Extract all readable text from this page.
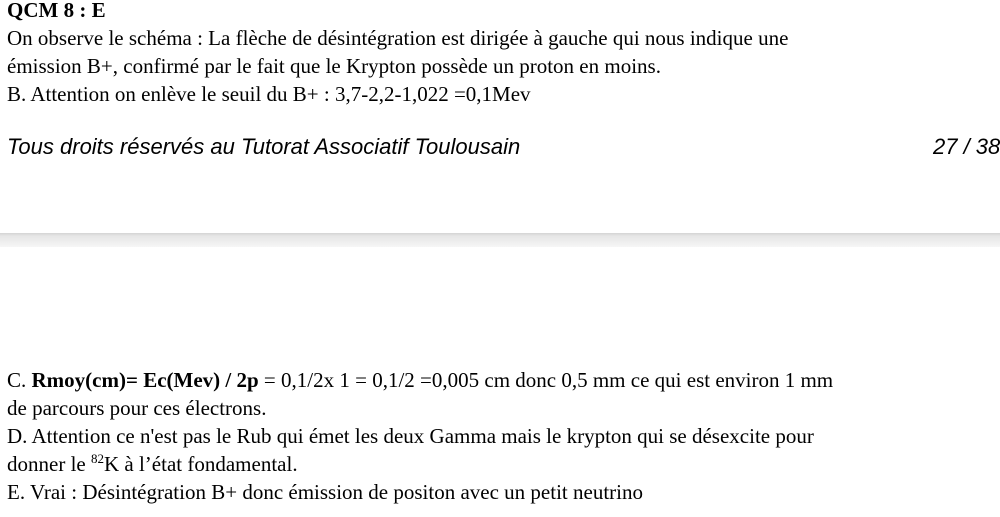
QCM 8 : E
On observe le schéma : La flèche de désintégration est dirigée à gauche qui nous indique une
émission B+, confirmé par le fait que le Krypton possède un proton en moins.
B. Attention on enlève le seuil du B+ : 3,7-2,2-1,022 =0,1Mev
Tous droits réservés au Tutorat Associatif Toulousain	27 / 38
C. Rmoy(cm)= Ec(Mev) / 2p = 0,1/2x 1 = 0,1/2 =0,005 cm donc 0,5 mm ce qui est environ 1 mm
de parcours pour ces électrons.
D. Attention ce n'est pas le Rub qui émet les deux Gamma mais le krypton qui se désexcite pour
donner le $^{82}$K à l’état fondamental.
E. Vrai : Désintégration B+ donc émission de positon avec un petit neutrino
